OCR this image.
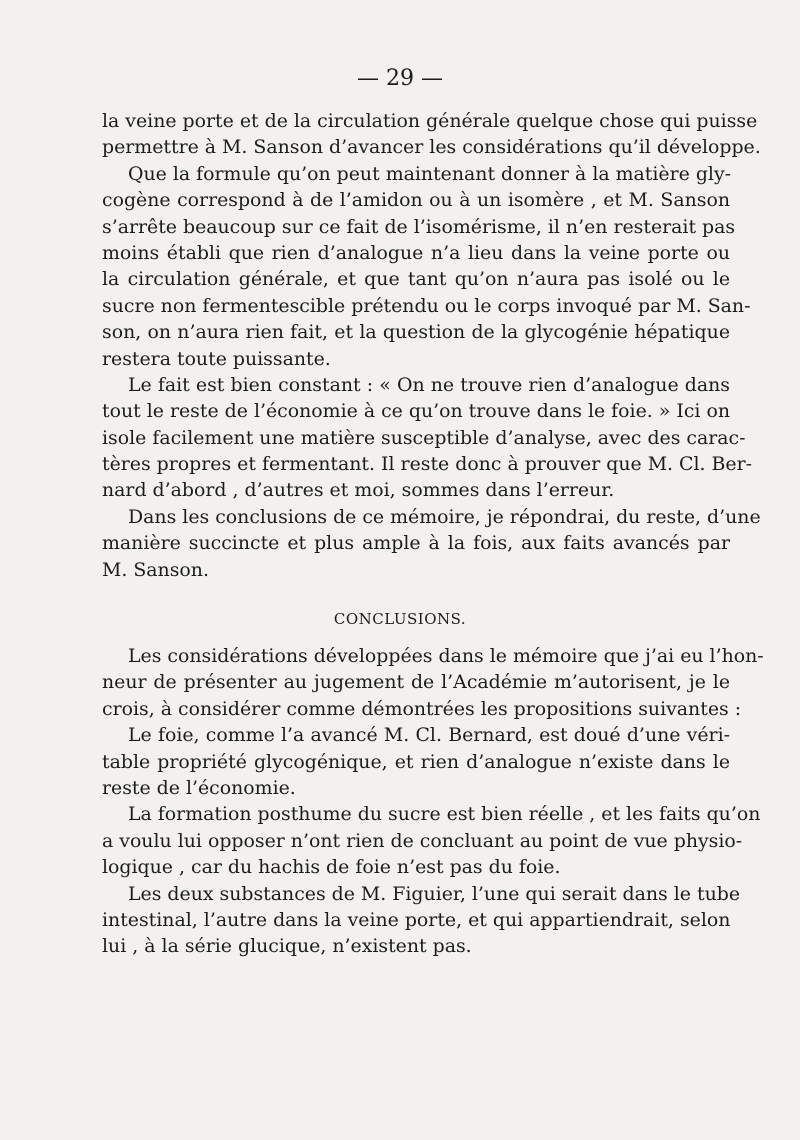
— 29 —
la veine porte et de la circulation générale quelque chose qui puisse
permettre à M. Sanson d’avancer les considérations qu’il développe.
Que la formule qu’on peut maintenant donner à la matière gly-
cogène correspond à de l’amidon ou à un isomère , et M. Sanson
s’arrête beaucoup sur ce fait de l’isomérisme, il n’en resterait pas
moins établi que rien d’analogue n’a lieu dans la veine porte ou
la circulation générale, et que tant qu’on n’aura pas isolé ou le
sucre non fermentescible prétendu ou le corps invoqué par M. San-
son, on n’aura rien fait, et la question de la glycogénie hépatique
restera toute puissante.
Le fait est bien constant : « On ne trouve rien d’analogue dans
tout le reste de l’économie à ce qu’on trouve dans le foie. » Ici on
isole facilement une matière susceptible d’analyse, avec des carac-
tères propres et fermentant. Il reste donc à prouver que M. Cl. Ber-
nard d’abord , d’autres et moi, sommes dans l’erreur.
Dans les conclusions de ce mémoire, je répondrai, du reste, d’une
manière succincte et plus ample à la fois, aux faits avancés par
M. Sanson.
CONCLUSIONS.
Les considérations développées dans le mémoire que j’ai eu l’hon-
neur de présenter au jugement de l’Académie m’autorisent, je le
crois, à considérer comme démontrées les propositions suivantes :
Le foie, comme l’a avancé M. Cl. Bernard, est doué d’une véri-
table propriété glycogénique, et rien d’analogue n’existe dans le
reste de l’économie.
La formation posthume du sucre est bien réelle , et les faits qu’on
a voulu lui opposer n’ont rien de concluant au point de vue physio-
logique , car du hachis de foie n’est pas du foie.
Les deux substances de M. Figuier, l’une qui serait dans le tube
intestinal, l’autre dans la veine porte, et qui appartiendrait, selon
lui , à la série glucique, n’existent pas.
